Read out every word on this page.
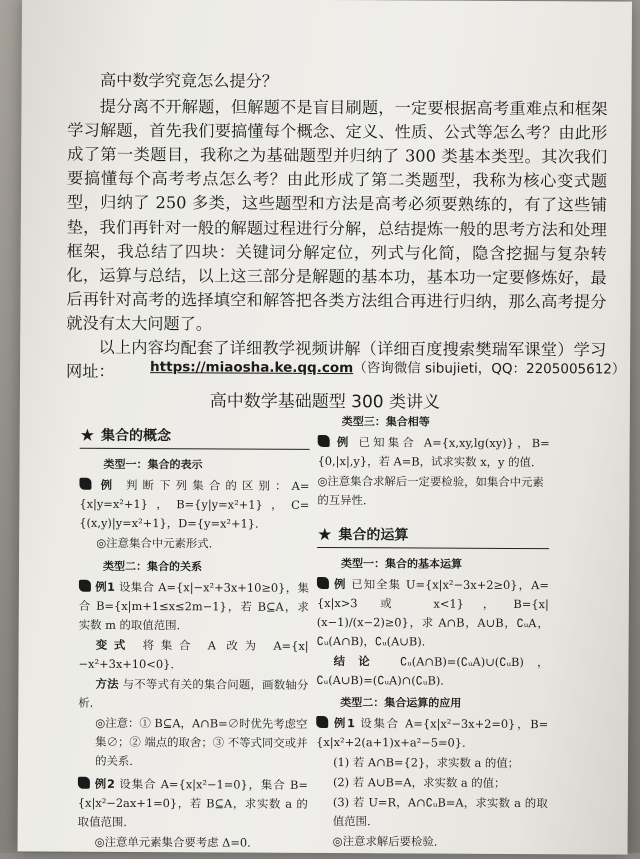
高中数学究竟怎么提分？

提分离不开解题，但解题不是盲目刷题，一定要根据高考重难点和框架学习解题，首先我们要搞懂每个概念、定义、性质、公式等怎么考？由此形成了第一类题目，我称之为基础题型并归纳了 300 类基本类型。其次我们要搞懂每个高考考点怎么考？由此形成了第二类题型，我称为核心变式题型，归纳了 250 多类，这些题型和方法是高考必须要熟练的，有了这些铺垫，我们再针对一般的解题过程进行分解，总结提炼一般的思考方法和处理框架，我总结了四块：关键词分解定位，列式与化简，隐含挖掘与复杂转化，运算与总结，以上这三部分是解题的基本功，基本功一定要修炼好，最后再针对高考的选择填空和解答把各类方法组合再进行归纳，那么高考提分就没有太大问题了。

以上内容均配套了详细教学视频讲解（详细百度搜索樊瑞军课堂）学习网址：	https://miaosha.ke.qq.com（咨询微信 sibujieti，QQ：2205005612）
高中数学基础题型 300 类讲义
★ 集合的概念
类型一：集合的表示
例 判断下列集合的区别：A={x|y=x²+1}，B={y|y=x²+1}，C={(x,y)|y=x²+1}，D={y=x²+1}.
◎注意集合中元素形式.
类型二：集合的关系
例1 设集合 A={x|−x²+3x+10≥0}，集合 B={x|m+1≤x≤2m−1}，若 B⊆A，求实数 m 的取值范围.
变式 将集合 A 改为 A={x|−x²+3x+10<0}.
方法 与不等式有关的集合问题，画数轴分析.
◎注意：① B⊆A，A∩B=∅时优先考虑空集∅；② 端点的取舍；③ 不等式同交或并的关系.
例2 设集合 A={x|x²−1=0}，集合 B={x|x²−2ax+1=0}，若 B⊆A，求实数 a 的取值范围.
◎注意单元素集合要考虑 Δ=0.
类型三：集合相等
例 已知集合 A={x,xy,lg(xy)}，B={0,|x|,y}，若 A=B，试求实数 x，y 的值.
◎注意集合求解后一定要检验，如集合中元素的互异性.
★ 集合的运算
类型一：集合的基本运算
例 已知全集 U={x|x²−3x+2≥0}，A={x|x>3 或 x<1}，B={x|(x−1)/(x−2)≥0}，求 A∩B，A∪B，∁ᵤA，∁ᵤ(A∩B)，∁ᵤ(A∪B).
结论 ∁ᵤ(A∩B)=(∁ᵤA)∪(∁ᵤB)，∁ᵤ(A∪B)=(∁ᵤA)∩(∁ᵤB).
类型二：集合运算的应用
例1 设集合 A={x|x²−3x+2=0}，B={x|x²+2(a+1)x+a²−5=0}.
(1) 若 A∩B={2}，求实数 a 的值；
(2) 若 A∪B=A，求实数 a 的值；
(3) 若 U=R，A∩∁ᵤB=A，求实数 a 的取值范围.
◎注意求解后要检验.
